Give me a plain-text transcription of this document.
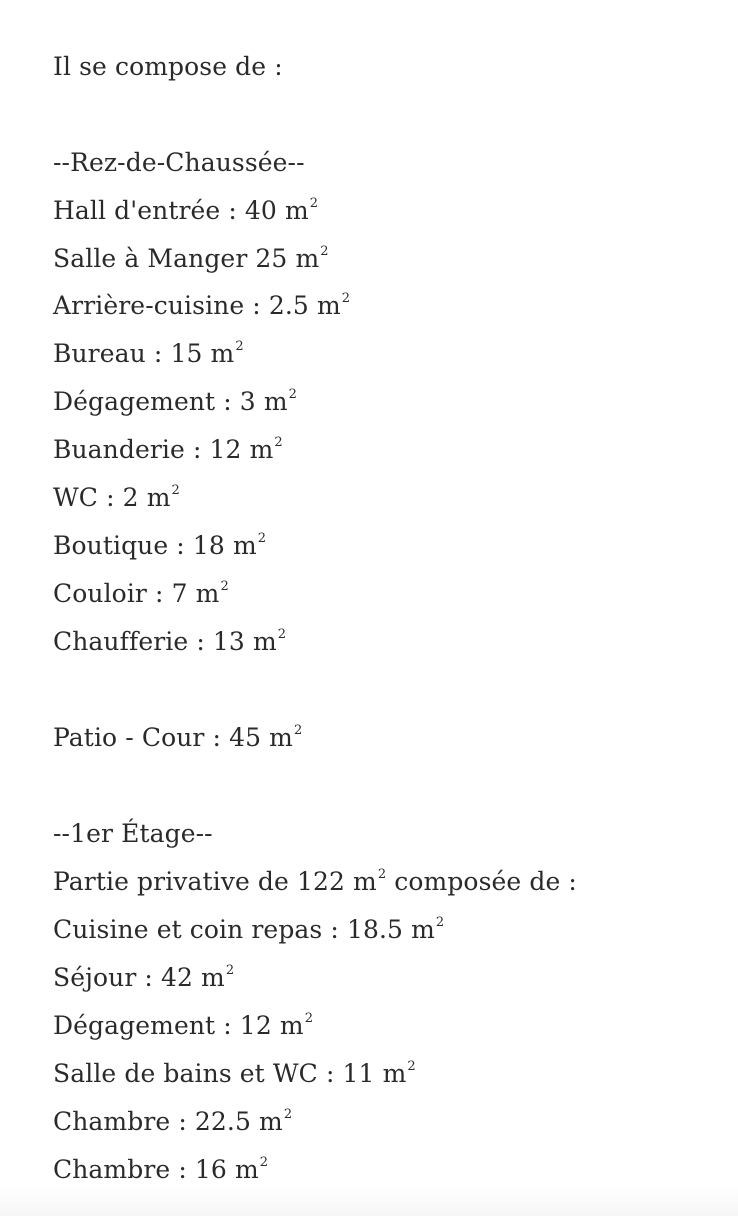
Il se compose de :

--Rez-de-Chaussée--

Hall d'entrée : 40 $m^2$

Salle à Manger 25 $m^2$

Arrière-cuisine : 2.5 $m^2$

Bureau : 15 $m^2$

Dégagement : 3 $m^2$

Buanderie : 12 $m^2$

WC : 2 $m^2$

Boutique : 18 $m^2$

Couloir : 7 $m^2$

Chaufferie : 13 $m^2$

Patio - Cour : 45 $m^2$

--1er Étage--

Partie privative de 122 $m^2$ composée de :

Cuisine et coin repas : 18.5 $m^2$

Séjour : 42 $m^2$

Dégagement : 12 $m^2$

Salle de bains et WC : 11 $m^2$

Chambre : 22.5 $m^2$

Chambre : 16 $m^2$
